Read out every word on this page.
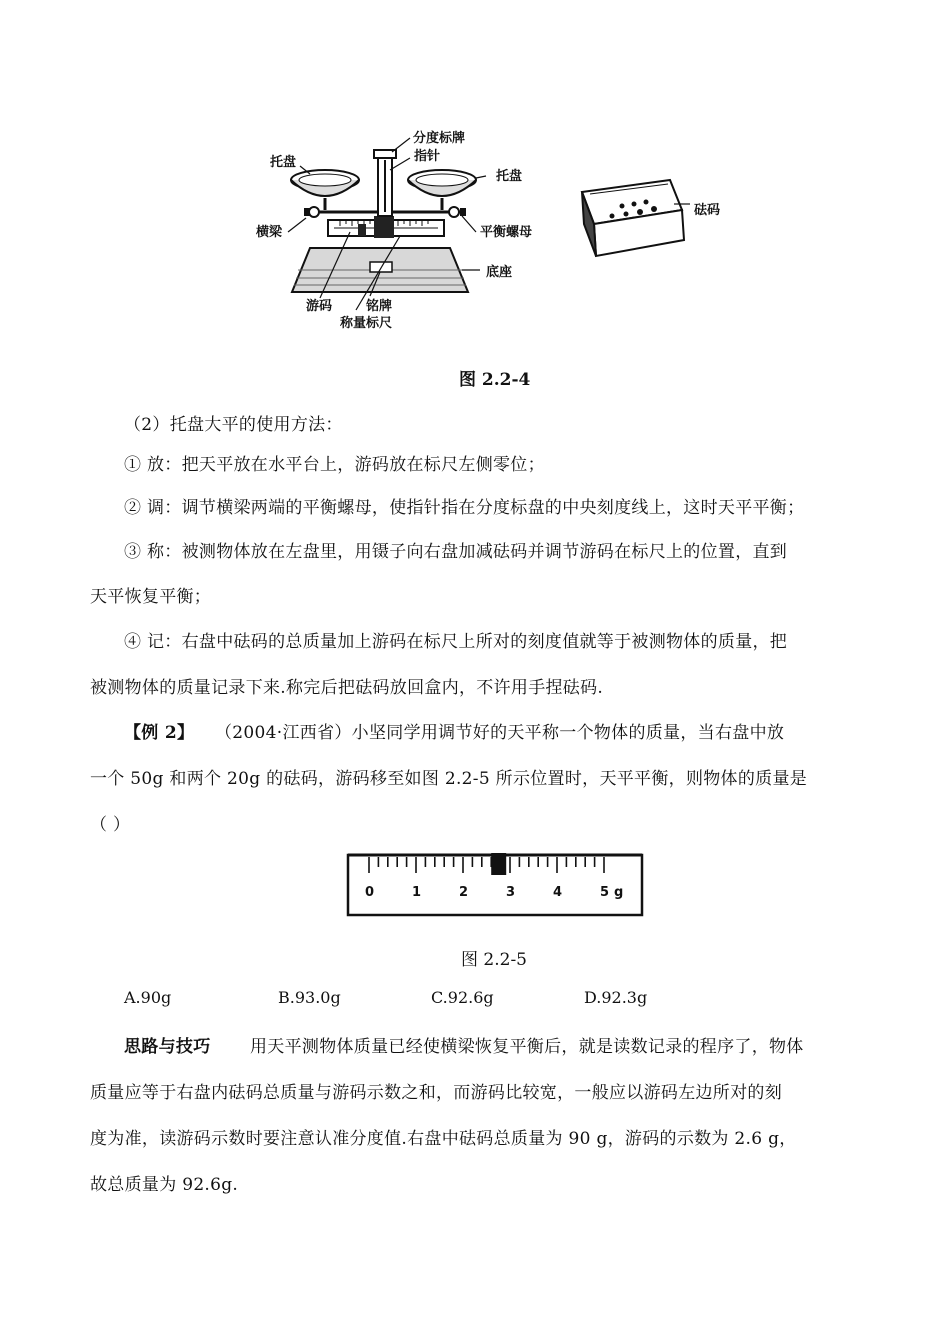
分度标牌
指针
托盘
托盘
横梁	平衡螺母
底座
游码	铭牌
称量标尺
砝码
图 2.2-4
（2）托盘大平的使用方法：
① 放：把天平放在水平台上，游码放在标尺左侧零位；
② 调：调节横梁两端的平衡螺母，使指针指在分度标盘的中央刻度线上，这时天平平衡；
③ 称：被测物体放在左盘里，用镊子向右盘加减砝码并调节游码在标尺上的位置，直到
天平恢复平衡；
④ 记：右盘中砝码的总质量加上游码在标尺上所对的刻度值就等于被测物体的质量，把
被测物体的质量记录下来.称完后把砝码放回盒内，不许用手捏砝码.
【例 2】 （2004·江西省）小坚同学用调节好的天平称一个物体的质量，当右盘中放
一个 50g 和两个 20g 的砝码，游码移至如图 2.2-5 所示位置时，天平平衡，则物体的质量是
（ ）
0	1	2	3	4	5 g
图 2.2-5
A.90g	B.93.0g	C.92.6g	D.92.3g
思路与技巧 用天平测物体质量已经使横梁恢复平衡后，就是读数记录的程序了，物体
质量应等于右盘内砝码总质量与游码示数之和，而游码比较宽，一般应以游码左边所对的刻
度为准，读游码示数时要注意认准分度值.右盘中砝码总质量为 90 g，游码的示数为 2.6 g，
故总质量为 92.6g.
